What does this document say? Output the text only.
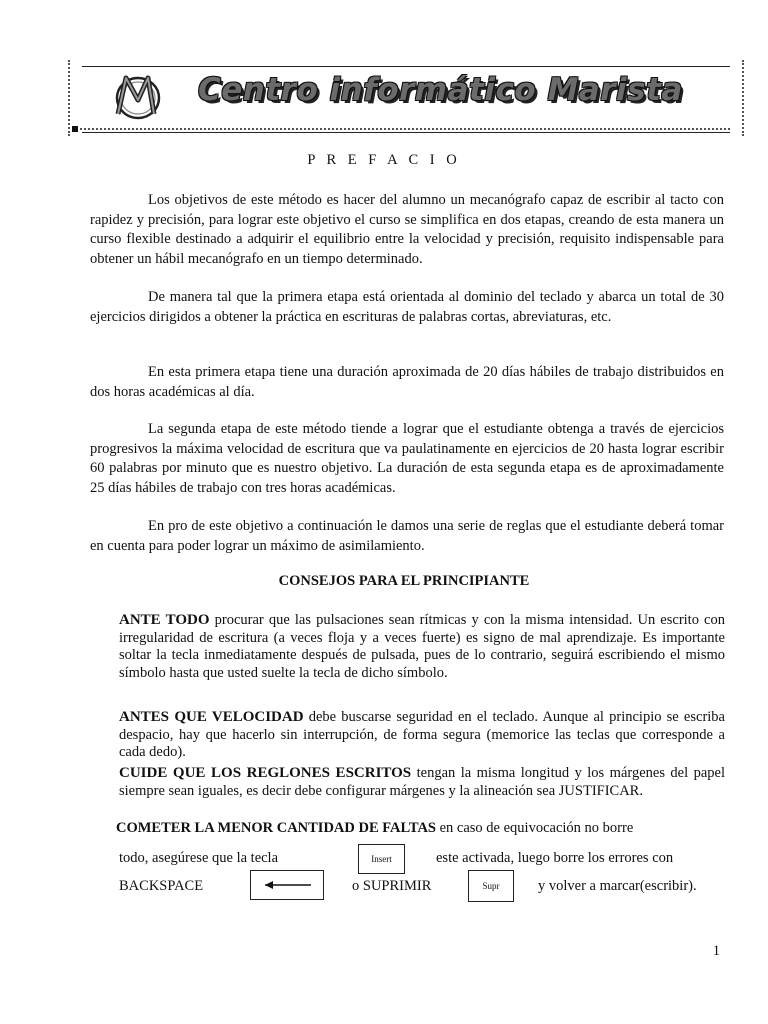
Centro informático Marista
P R E F A C I O

Los objetivos de este método es hacer del alumno un mecanógrafo capaz de escribir al tacto con rapidez y precisión, para lograr este objetivo el curso se simplifica en dos etapas, creando de esta manera un curso flexible destinado a adquirir el equilibrio entre la velocidad y precisión, requisito indispensable para obtener un hábil mecanógrafo en un tiempo determinado.

De manera tal que la primera etapa está orientada al dominio del teclado y abarca un total de 30 ejercicios dirigidos a obtener la práctica en escrituras de palabras cortas, abreviaturas, etc.

En esta primera etapa tiene una duración aproximada de 20 días hábiles de trabajo distribuidos en dos horas académicas al día.

La segunda etapa de este método tiende a lograr que el estudiante obtenga a través de ejercicios progresivos la máxima velocidad de escritura que va paulatinamente en ejercicios de 20 hasta lograr escribir 60 palabras por minuto que es nuestro objetivo. La duración de esta segunda etapa es de aproximadamente 25 días hábiles de trabajo con tres horas académicas.

En pro de este objetivo a continuación le damos una serie de reglas que el estudiante deberá tomar en cuenta para poder lograr un máximo de asimilamiento.

CONSEJOS PARA EL PRINCIPIANTE

ANTE TODO procurar que las pulsaciones sean rítmicas y con la misma intensidad. Un escrito con irregularidad de escritura (a veces floja y a veces fuerte) es signo de mal aprendizaje. Es importante soltar la tecla inmediatamente después de pulsada, pues de lo contrario, seguirá escribiendo el mismo símbolo hasta que usted suelte la tecla de dicho símbolo.

ANTES QUE VELOCIDAD debe buscarse seguridad en el teclado. Aunque al principio se escriba despacio, hay que hacerlo sin interrupción, de forma segura (memorice las teclas que corresponde a cada dedo).

CUIDE QUE LOS REGLONES ESCRITOS tengan la misma longitud y los márgenes del papel siempre sean iguales, es decir debe configurar márgenes y la alineación sea JUSTIFICAR.

COMETER LA MENOR CANTIDAD DE FALTAS en caso de equivocación no borre
todo, asegúrese que la tecla	Insert	este activada, luego borre los errores con
BACKSPACE	o SUPRIMIR	Supr	y volver a marcar(escribir).
1
